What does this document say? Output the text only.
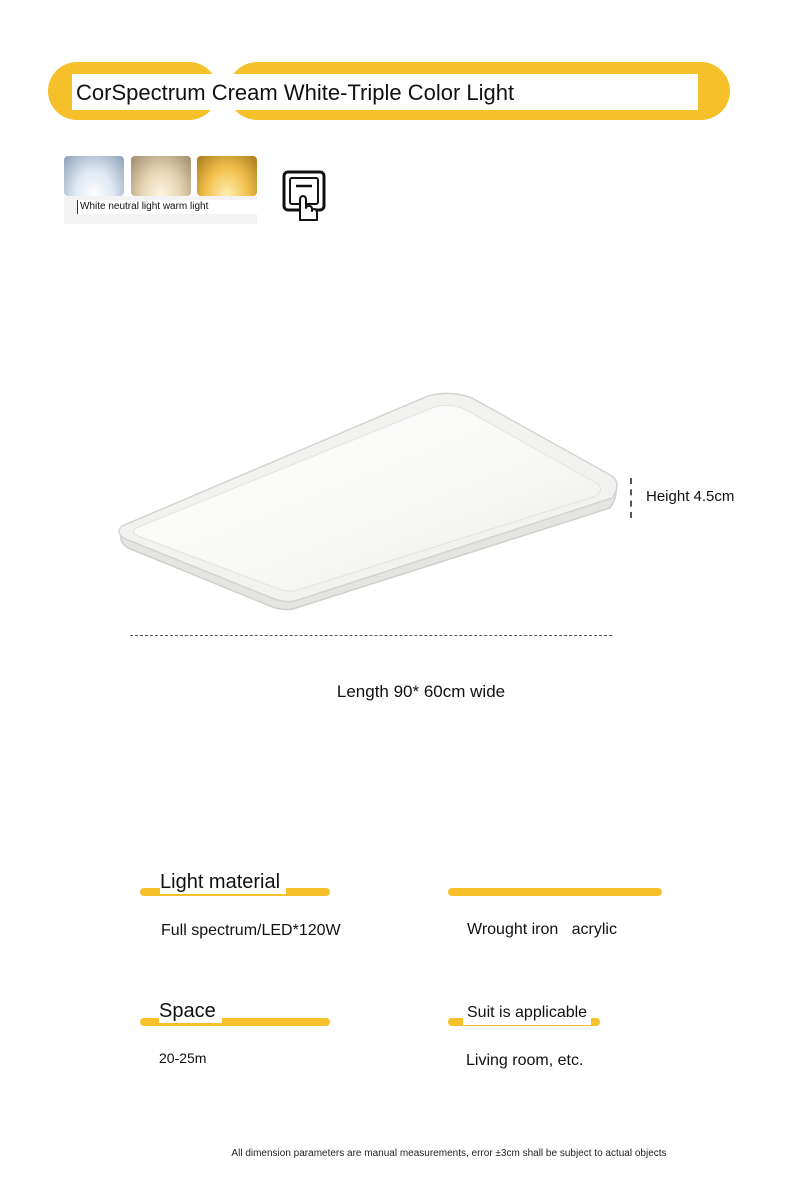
CorSpectrum Cream White-Triple Color Light
White neutral light warm light
Height 4.5cm
Length 90* 60cm wide
Light material
Full spectrum/LED*120W	Wrought iron   acrylic
Space
20-25m
Suit is applicable
Living room, etc.
All dimension parameters are manual measurements, error ±3cm shall be subject to actual objects
